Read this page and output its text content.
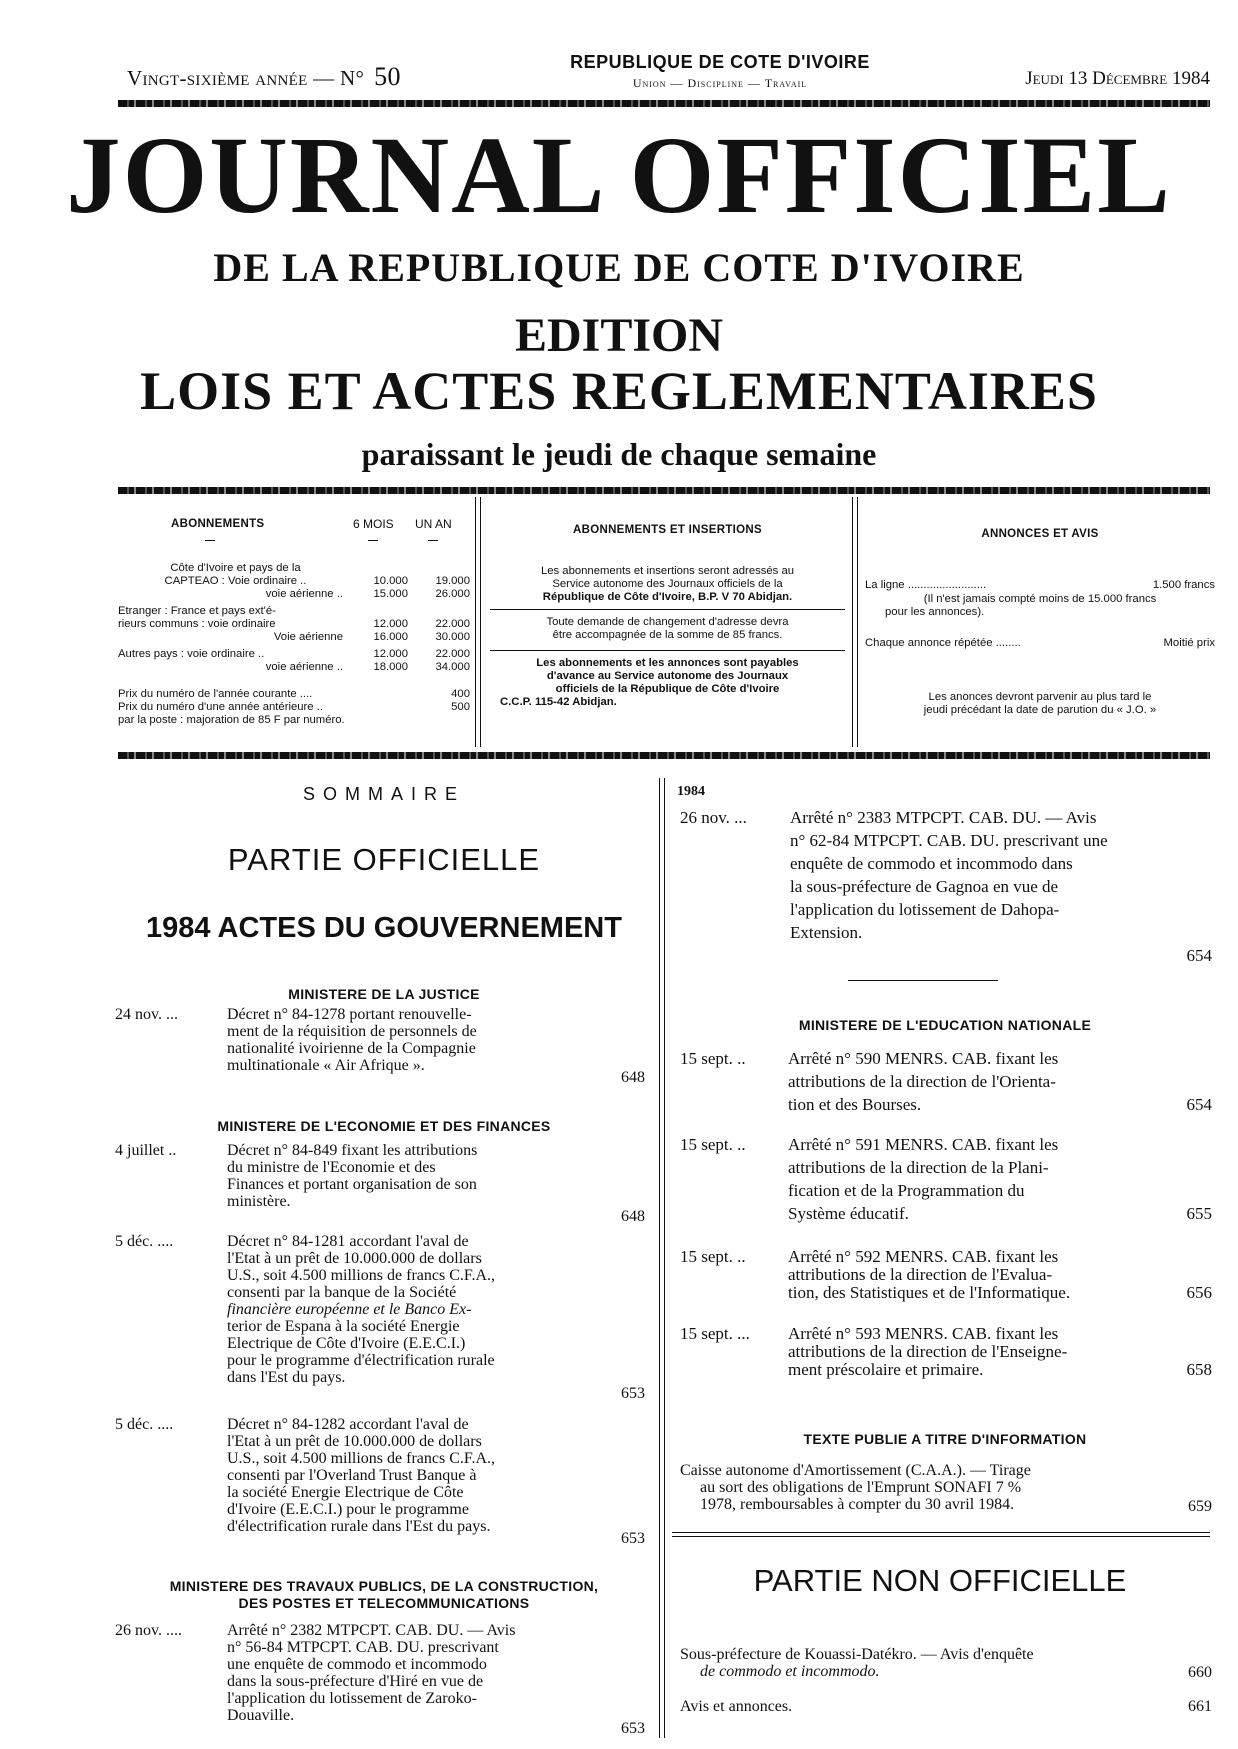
Vingt-sixième année — N° 50	REPUBLIQUE DE COTE D'IVOIRE
Union — Discipline — Travail	Jeudi 13 Décembre 1984
JOURNAL OFFICIEL
DE LA REPUBLIQUE DE COTE D'IVOIRE
EDITION
LOIS ET ACTES REGLEMENTAIRES
paraissant le jeudi de chaque semaine
ABONNEMENTS	6 MOIS UN AN
Côte d'Ivoire et pays de la		
CAPTEAO : Voie ordinaire ..	10.000	19.000
voie aérienne ..	15.000	26.000
Etranger : France et pays ext'é-		
rieurs communs : voie ordinaire	12.000	22.000
Voie aérienne	16.000	30.000
Autres pays : voie ordinaire ..	12.000	22.000
voie aérienne ..	18.000	34.000
Prix du numéro de l'année courante ....	400
Prix du numéro d'une année antérieure ..	500
par la poste : majoration de 85 F par numéro.	
ABONNEMENTS ET INSERTIONS
Les abonnements et insertions seront adressés au
Service autonome des Journaux officiels de la
République de Côte d'Ivoire, B.P. V 70 Abidjan.
Toute demande de changement d'adresse devra
être accompagnée de la somme de 85 francs.
Les abonnements et les annonces sont payables
d'avance au Service autonome des Journaux
officiels de la République de Côte d'Ivoire
C.C.P. 115-42 Abidjan.
ANNONCES ET AVIS
La ligne .........................	1.500 francs
(Il n'est jamais compté moins de 15.000 francs
pour les annonces).
Chaque annonce répétée ........	Moitié prix
Les anonces devront parvenir au plus tard le
jeudi précédant la date de parution du « J.O. »
SOMMAIRE
PARTIE OFFICIELLE
1984 ACTES DU GOUVERNEMENT
MINISTERE DE LA JUSTICE
24 nov. ...	Décret n° 84-1278 portant renouvelle-
ment de la réquisition de personnels de
nationalité ivoirienne de la Compagnie
multinationale « Air Afrique ».
648
MINISTERE DE L'ECONOMIE ET DES FINANCES
4 juillet ..	Décret n° 84-849 fixant les attributions
du ministre de l'Economie et des
Finances et portant organisation de son
ministère.
648
5 déc. ....	Décret n° 84-1281 accordant l'aval de
l'Etat à un prêt de 10.000.000 de dollars
U.S., soit 4.500 millions de francs C.F.A.,
consenti par la banque de la Société
financière européenne et le Banco Ex-
terior de Espana à la société Energie
Electrique de Côte d'Ivoire (E.E.C.I.)
pour le programme d'électrification rurale
dans l'Est du pays.
653
5 déc. ....	Décret n° 84-1282 accordant l'aval de
l'Etat à un prêt de 10.000.000 de dollars
U.S., soit 4.500 millions de francs C.F.A.,
consenti par l'Overland Trust Banque à
la société Energie Electrique de Côte
d'Ivoire (E.E.C.I.) pour le programme
d'électrification rurale dans l'Est du pays.
653
MINISTERE DES TRAVAUX PUBLICS, DE LA CONSTRUCTION,
DES POSTES ET TELECOMMUNICATIONS
26 nov. ....	Arrêté n° 2382 MTPCPT. CAB. DU. — Avis
n° 56-84 MTPCPT. CAB. DU. prescrivant
une enquête de commodo et incommodo
dans la sous-préfecture d'Hiré en vue de
l'application du lotissement de Zaroko-
Douaville.
653
1984
26 nov. ...	Arrêté n° 2383 MTPCPT. CAB. DU. — Avis
n° 62-84 MTPCPT. CAB. DU. prescrivant une
enquête de commodo et incommodo dans
la sous-préfecture de Gagnoa en vue de
l'application du lotissement de Dahopa-
Extension.
654
MINISTERE DE L'EDUCATION NATIONALE
15 sept. .. Arrêté n° 590 MENRS. CAB. fixant les
attributions de la direction de l'Orienta-
tion et des Bourses.	654
15 sept. .. Arrêté n° 591 MENRS. CAB. fixant les
attributions de la direction de la Plani-
fication et de la Programmation du
Système éducatif.	655
15 sept. .. Arrêté n° 592 MENRS. CAB. fixant les
attributions de la direction de l'Evalua-
tion, des Statistiques et de l'Informatique.	656
15 sept. ... Arrêté n° 593 MENRS. CAB. fixant les
attributions de la direction de l'Enseigne-
ment préscolaire et primaire.	658
TEXTE PUBLIE A TITRE D'INFORMATION
Caisse autonome d'Amortissement (C.A.A.). — Tirage
au sort des obligations de l'Emprunt SONAFI 7 %
1978, remboursables à compter du 30 avril 1984.	659
PARTIE NON OFFICIELLE
Sous-préfecture de Kouassi-Datékro. — Avis d'enquête
de commodo et incommodo.	660
Avis et annonces.	661
